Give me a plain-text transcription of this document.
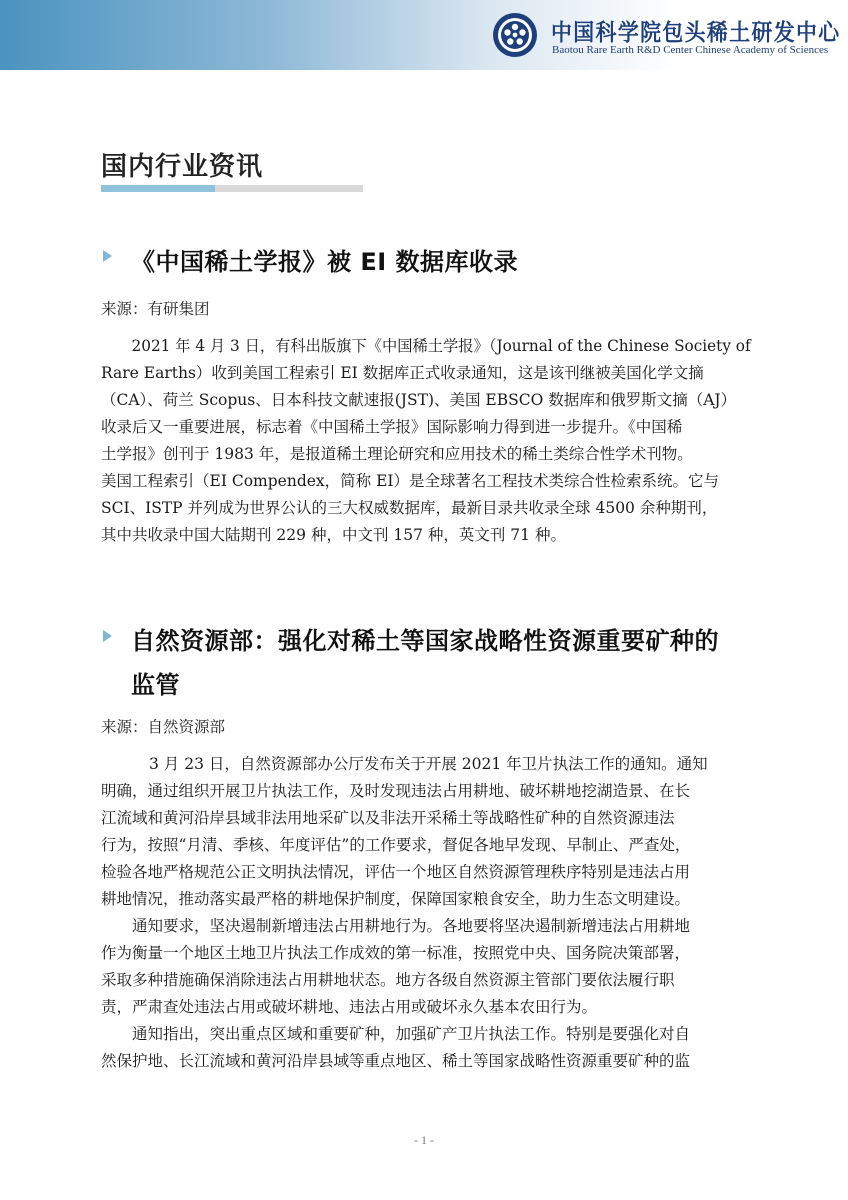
中国科学院包头稀土研发中心
Baotou Rare Earth R&D Center Chinese Academy of Sciences
国内行业资讯
《中国稀土学报》被 EI 数据库收录
来源：有研集团
2021 年 4 月 3 日，有科出版旗下《中国稀土学报》（Journal of the Chinese Society of
Rare Earths）收到美国工程索引 EI 数据库正式收录通知，这是该刊继被美国化学文摘
（CA）、荷兰 Scopus、日本科技文献速报(JST)、美国 EBSCO 数据库和俄罗斯文摘（AJ）
收录后又一重要进展，标志着《中国稀土学报》国际影响力得到进一步提升。《中国稀
土学报》创刊于 1983 年，是报道稀土理论研究和应用技术的稀土类综合性学术刊物。
美国工程索引（EI Compendex，简称 EI）是全球著名工程技术类综合性检索系统。它与
SCI、ISTP 并列成为世界公认的三大权威数据库，最新目录共收录全球 4500 余种期刊，
其中共收录中国大陆期刊 229 种，中文刊 157 种，英文刊 71 种。
自然资源部：强化对稀土等国家战略性资源重要矿种的
监管
来源：自然资源部
3 月 23 日，自然资源部办公厅发布关于开展 2021 年卫片执法工作的通知。通知
明确，通过组织开展卫片执法工作，及时发现违法占用耕地、破坏耕地挖湖造景、在长
江流域和黄河沿岸县域非法用地采矿以及非法开采稀土等战略性矿种的自然资源违法
行为，按照“月清、季核、年度评估”的工作要求，督促各地早发现、早制止、严查处，
检验各地严格规范公正文明执法情况，评估一个地区自然资源管理秩序特别是违法占用
耕地情况，推动落实最严格的耕地保护制度，保障国家粮食安全，助力生态文明建设。
通知要求，坚决遏制新增违法占用耕地行为。各地要将坚决遏制新增违法占用耕地
作为衡量一个地区土地卫片执法工作成效的第一标准，按照党中央、国务院决策部署，
采取多种措施确保消除违法占用耕地状态。地方各级自然资源主管部门要依法履行职
责，严肃查处违法占用或破坏耕地、违法占用或破坏永久基本农田行为。
通知指出，突出重点区域和重要矿种，加强矿产卫片执法工作。特别是要强化对自
然保护地、长江流域和黄河沿岸县域等重点地区、稀土等国家战略性资源重要矿种的监
- 1 -
